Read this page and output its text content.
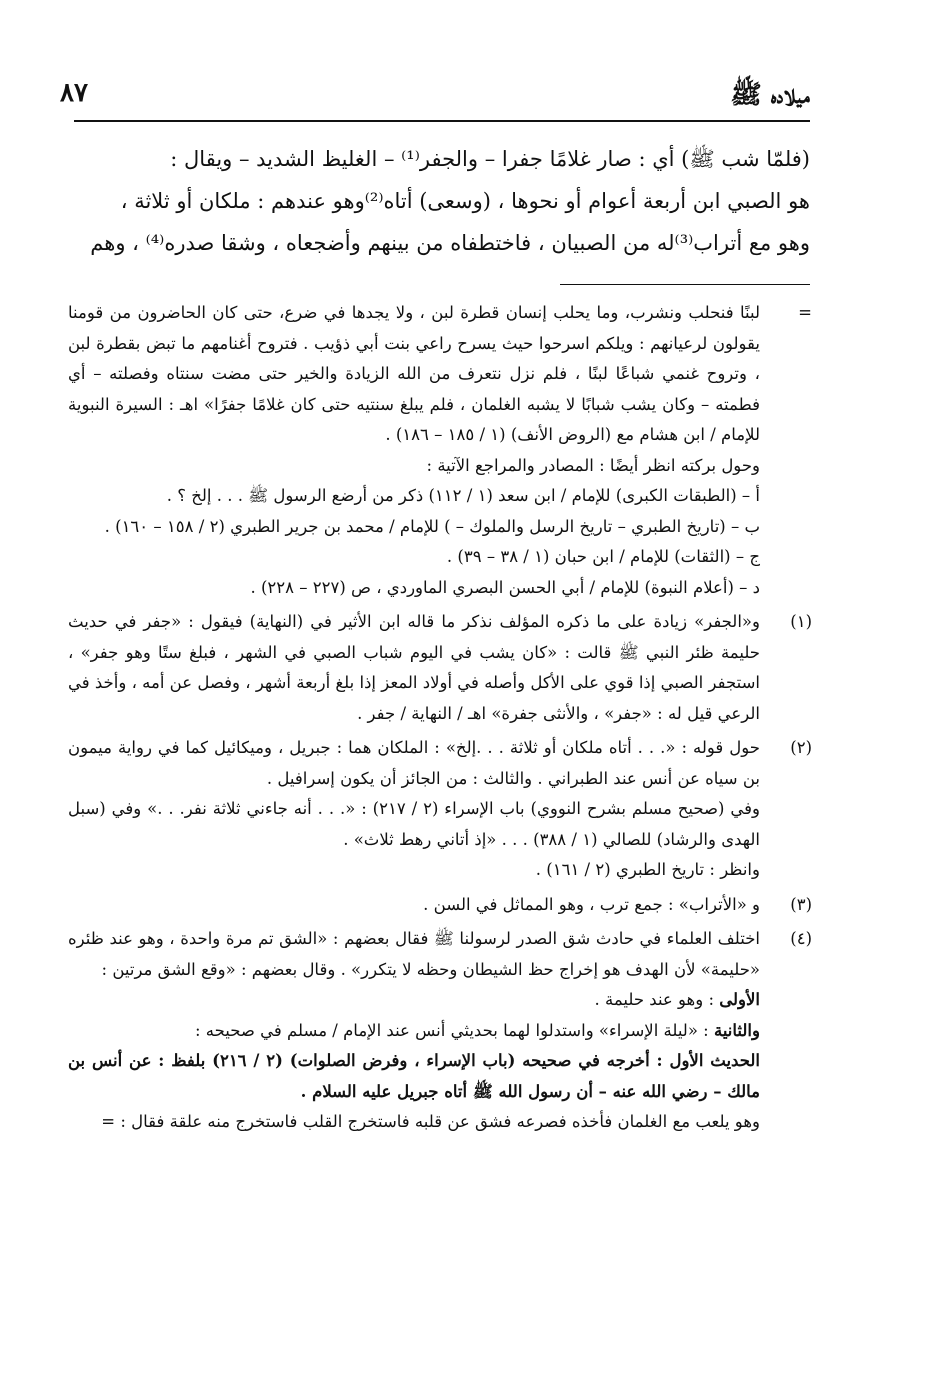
٨٧	ميلاده ﷺ

(فلمّا شب ﷺ) أي : صار غلامًا جفرا – والجفر⁽¹⁾ – الغليظ الشديد – ويقال :

هو الصبي ابن أربعة أعوام أو نحوها ، (وسعى) أتاه⁽²⁾وهو عندهم : ملكان أو ثلاثة ،

وهو مع أتراب⁽³⁾له من الصبيان ، فاختطفاه من بينهم وأضجعاه ، وشقا صدره⁽⁴⁾ ، وهم

=

لبنًا فنحلب ونشرب، وما يحلب إنسان قطرة لبن ، ولا يجدها في ضرع، حتى كان الحاضرون من قومنا يقولون لرعيانهم : ويلكم اسرحوا حيث يسرح راعي بنت أبي ذؤيب . فتروح أغنامهم ما تبض بقطرة لبن ، وتروح غنمي شباعًا لبنًا ، فلم نزل نتعرف من الله الزيادة والخير حتى مضت سنتاه وفصلته – أي فطمته – وكان يشب شبابًا لا يشبه الغلمان ، فلم يبلغ سنتيه حتى كان غلامًا جفرًا» اهـ : السيرة النبوية للإمام / ابن هشام مع (الروض الأنف) (١ / ١٨٥ – ١٨٦) .

وحول بركته انظر أيضًا : المصادر والمراجع الآتية :

أ – (الطبقات الكبرى) للإمام / ابن سعد (١ / ١١٢) ذكر من أرضع الرسول ﷺ . . . إلخ ؟ .

ب – (تاريخ الطبري – تاريخ الرسل والملوك – ) للإمام / محمد بن جرير الطبري (٢ / ١٥٨ – ١٦٠) .

ج – (الثقات) للإمام / ابن حبان (١ / ٣٨ – ٣٩) .

د – (أعلام النبوة) للإمام / أبي الحسن البصري الماوردي ، ص (٢٢٧ – ٢٢٨) .

(١)

و«الجفر» زيادة على ما ذكره المؤلف نذكر ما قاله ابن الأثير في (النهاية) فيقول : «جفر في حديث حليمة ظئر النبي ﷺ قالت : «كان يشب في اليوم شباب الصبي في الشهر ، فبلغ ستًا وهو جفر» ، استجفر الصبي إذا قوي على الأكل وأصله في أولاد المعز إذا بلغ أربعة أشهر ، وفصل عن أمه ، وأخذ في الرعي قيل له : «جفر» ، والأنثى جفرة» اهـ / النهاية / جفر .

(٢)

حول قوله : «. . . أتاه ملكان أو ثلاثة . . .إلخ» : الملكان هما : جبريل ، وميكائيل كما في رواية ميمون بن سياه عن أنس عند الطبراني . والثالث : من الجائز أن يكون إسرافيل .

وفي (صحيح مسلم بشرح النووي) باب الإسراء (٢ / ٢١٧) : «. . . أنه جاءني ثلاثة نفر. . .» وفي (سبل الهدى والرشاد) للصالي (١ / ٣٨٨) . . . «إذ أتاني رهط ثلاث» .

وانظر : تاريخ الطبري (٢ / ١٦١) .

(٣)

و «الأتراب» : جمع ترب ، وهو المماثل في السن .

(٤)

اختلف العلماء في حادث شق الصدر لرسولنا ﷺ فقال بعضهم : «الشق تم مرة واحدة ، وهو عند ظئره «حليمة» لأن الهدف هو إخراج حظ الشيطان وحظه لا يتكرر» . وقال بعضهم : «وقع الشق مرتين :

الأولى : وهو عند حليمة .

والثانية : «ليلة الإسراء» واستدلوا لهما بحديثي أنس عند الإمام / مسلم في صحيحه :

الحديث الأول : أخرجه في صحيحه (باب الإسراء ، وفرض الصلوات) (٢ / ٢١٦) بلفظ : عن أنس بن مالك – رضي الله عنه – أن رسول الله ﷺ أتاه جبريل عليه السلام .

وهو يلعب مع الغلمان فأخذه فصرعه فشق عن قلبه فاستخرج القلب فاستخرج منه علقة فقال : =
